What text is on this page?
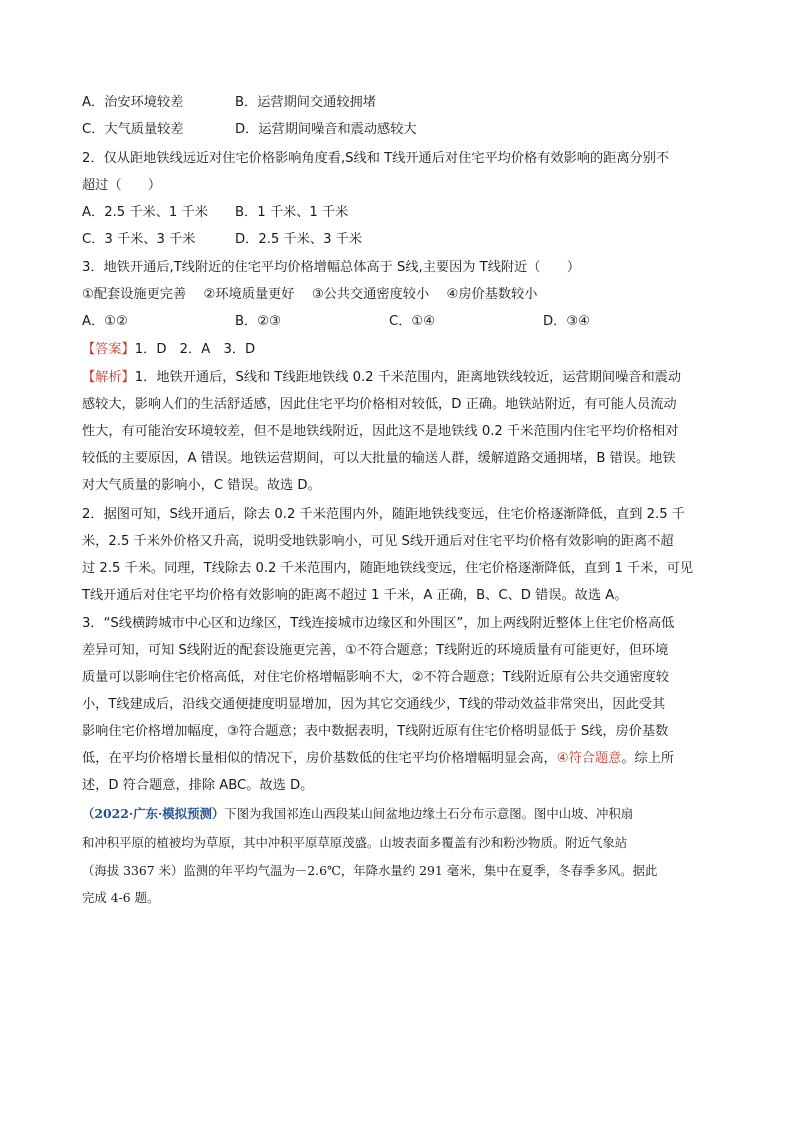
A．治安环境较差	B．运营期间交通较拥堵
C．大气质量较差	D．运营期间噪音和震动感较大
2．仅从距地铁线远近对住宅价格影响角度看,S线和 T线开通后对住宅平均价格有效影响的距离分别不
超过（　　）
A．2.5 千米、1 千米 B．1 千米、1 千米
C．3 千米、3 千米	D．2.5 千米、3 千米
3．地铁开通后,T线附近的住宅平均价格增幅总体高于 S线,主要因为 T线附近（　　）
①配套设施更完善　 ②环境质量更好　 ③公共交通密度较小　 ④房价基数较小
A．①②	B．②③	C．①④	D．③④
【答案】1．D　2．A　3．D
【解析】1．地铁开通后，S线和 T线距地铁线 0.2 千米范围内，距离地铁线较近，运营期间噪音和震动
感较大，影响人们的生活舒适感，因此住宅平均价格相对较低，D 正确。地铁站附近，有可能人员流动
性大，有可能治安环境较差，但不是地铁线附近，因此这不是地铁线 0.2 千米范围内住宅平均价格相对
较低的主要原因，A 错误。地铁运营期间，可以大批量的输送人群，缓解道路交通拥堵，B 错误。地铁
对大气质量的影响小，C 错误。故选 D。
2．据图可知，S线开通后，除去 0.2 千米范围内外，随距地铁线变远，住宅价格逐渐降低，直到 2.5 千
米，2.5 千米外价格又升高，说明受地铁影响小，可见 S线开通后对住宅平均价格有效影响的距离不超
过 2.5 千米。同理，T线除去 0.2 千米范围内，随距地铁线变远，住宅价格逐渐降低，直到 1 千米，可见
T线开通后对住宅平均价格有效影响的距离不超过 1 千米，A 正确，B、C、D 错误。故选 A。
3．“S线横跨城市中心区和边缘区，T线连接城市边缘区和外围区”，加上两线附近整体上住宅价格高低
差异可知，可知 S线附近的配套设施更完善，①不符合题意；T线附近的环境质量有可能更好，但环境
质量可以影响住宅价格高低，对住宅价格增幅影响不大，②不符合题意；T线附近原有公共交通密度较
小，T线建成后，沿线交通便捷度明显增加，因为其它交通线少，T线的带动效益非常突出，因此受其
影响住宅价格增加幅度，③符合题意；表中数据表明，T线附近原有住宅价格明显低于 S线，房价基数
低，在平均价格增长量相似的情况下，房价基数低的住宅平均价格增幅明显会高，④符合题意。综上所
述，D 符合题意，排除 ABC。故选 D。
（2022·广东·模拟预测）下图为我国祁连山西段某山间盆地边缘土石分布示意图。图中山坡、冲积扇
和冲积平原的植被均为草原，其中冲积平原草原茂盛。山坡表面多覆盖有沙和粉沙物质。附近气象站
（海拔 3367 米）监测的年平均气温为－2.6℃，年降水量约 291 毫米，集中在夏季，冬春季多风。据此
完成 4-6 题。
